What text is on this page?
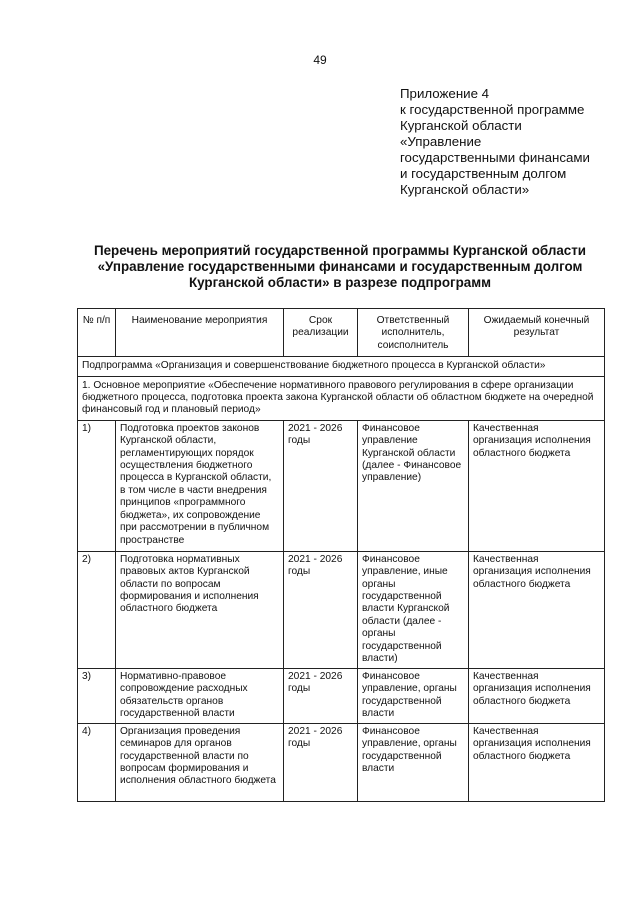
49
Приложение 4
к государственной программе
Курганской области
«Управление
государственными финансами
и государственным долгом
Курганской области»
Перечень мероприятий государственной программы Курганской области
«Управление государственными финансами и государственным долгом
Курганской области» в разрезе подпрограмм
№ п/п	Наименование мероприятия	Срок реализации	Ответственный исполнитель, соисполнитель	Ожидаемый конечный результат
Подпрограмма «Организация и совершенствование бюджетного процесса в Курганской области»				
1. Основное мероприятие «Обеспечение нормативного правового регулирования в сфере организации бюджетного процесса, подготовка проекта закона Курганской области об областном бюджете на очередной финансовый год и плановый период»				
1)	Подготовка проектов законов Курганской области, регламентирующих порядок осуществления бюджетного процесса в Курганской области, в том числе в части внедрения принципов «программного бюджета», их сопровождение при рассмотрении в публичном пространстве	2021 - 2026 годы	Финансовое управление Курганской области (далее - Финансовое управление)	Качественная организация исполнения областного бюджета
2)	Подготовка нормативных правовых актов Курганской области по вопросам формирования и исполнения областного бюджета	2021 - 2026 годы	Финансовое управление, иные органы государственной власти Курганской области (далее - органы государственной власти)	Качественная организация исполнения областного бюджета
3)	Нормативно-правовое сопровождение расходных обязательств органов государственной власти	2021 - 2026 годы	Финансовое управление, органы государственной власти	Качественная организация исполнения областного бюджета
4)	Организация проведения семинаров для органов государственной власти по вопросам формирования и исполнения областного бюджета	2021 - 2026 годы	Финансовое управление, органы государственной власти	Качественная организация исполнения областного бюджета
